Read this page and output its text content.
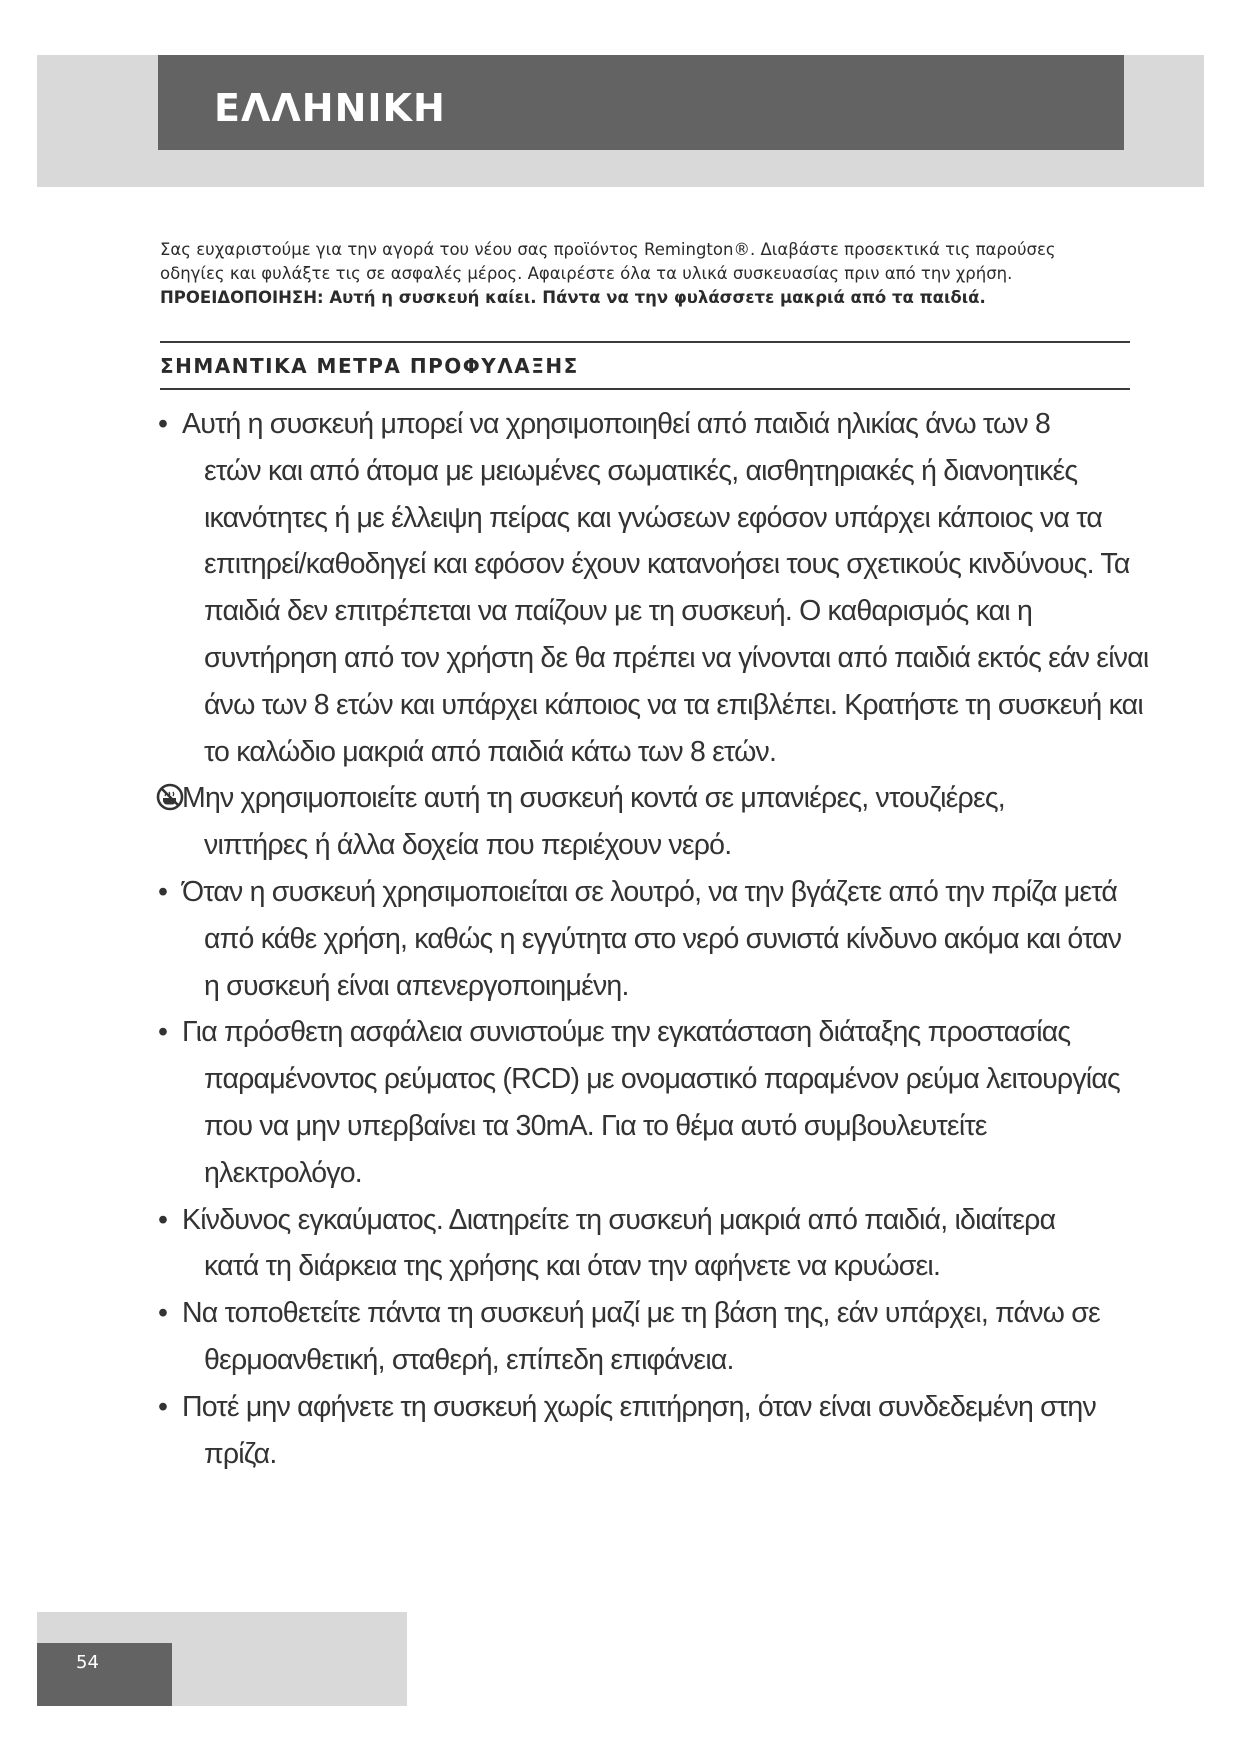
ΕΛΛΗΝΙΚΗ

Σας ευχαριστούμε για την αγορά του νέου σας προϊόντος Remington®. Διαβάστε προσεκτικά τις παρούσες

οδηγίες και φυλάξτε τις σε ασφαλές μέρος. Αφαιρέστε όλα τα υλικά συσκευασίας πριν από την χρήση.

ΠΡΟΕΙΔΟΠΟΙΗΣΗ: Αυτή η συσκευή καίει. Πάντα να την φυλάσσετε μακριά από τα παιδιά.

ΣΗΜΑΝΤΙΚΑ ΜΕΤΡΑ ΠΡΟΦΥΛΑΞΗΣ
• Αυτή η συσκευή μπορεί να χρησιμοποιηθεί από παιδιά ηλικίας άνω των 8
ετών και από άτομα με μειωμένες σωματικές, αισθητηριακές ή διανοητικές
ικανότητες ή με έλλειψη πείρας και γνώσεων εφόσον υπάρχει κάποιος να τα
επιτηρεί/καθοδηγεί και εφόσον έχουν κατανοήσει τους σχετικούς κινδύνους. Τα
παιδιά δεν επιτρέπεται να παίζουν με τη συσκευή. Ο καθαρισμός και η
συντήρηση από τον χρήστη δε θα πρέπει να γίνονται από παιδιά εκτός εάν είναι
άνω των 8 ετών και υπάρχει κάποιος να τα επιβλέπει. Κρατήστε τη συσκευή και
το καλώδιο μακριά από παιδιά κάτω των 8 ετών.
Μην χρησιμοποιείτε αυτή τη συσκευή κοντά σε μπανιέρες, ντουζιέρες,
νιπτήρες ή άλλα δοχεία που περιέχουν νερό.
• Όταν η συσκευή χρησιμοποιείται σε λουτρό, να την βγάζετε από την πρίζα μετά
από κάθε χρήση, καθώς η εγγύτητα στο νερό συνιστά κίνδυνο ακόμα και όταν
η συσκευή είναι απενεργοποιημένη.
• Για πρόσθετη ασφάλεια συνιστούμε την εγκατάσταση διάταξης προστασίας
παραμένοντος ρεύματος (RCD) με ονομαστικό παραμένον ρεύμα λειτουργίας
που να μην υπερβαίνει τα 30mA. Για το θέμα αυτό συμβουλευτείτε
ηλεκτρολόγο.
• Κίνδυνος εγκαύματος. Διατηρείτε τη συσκευή μακριά από παιδιά, ιδιαίτερα
κατά τη διάρκεια της χρήσης και όταν την αφήνετε να κρυώσει.
• Να τοποθετείτε πάντα τη συσκευή μαζί με τη βάση της, εάν υπάρχει, πάνω σε
θερμοανθετική, σταθερή, επίπεδη επιφάνεια.
• Ποτέ μην αφήνετε τη συσκευή χωρίς επιτήρηση, όταν είναι συνδεδεμένη στην
πρίζα.
54
